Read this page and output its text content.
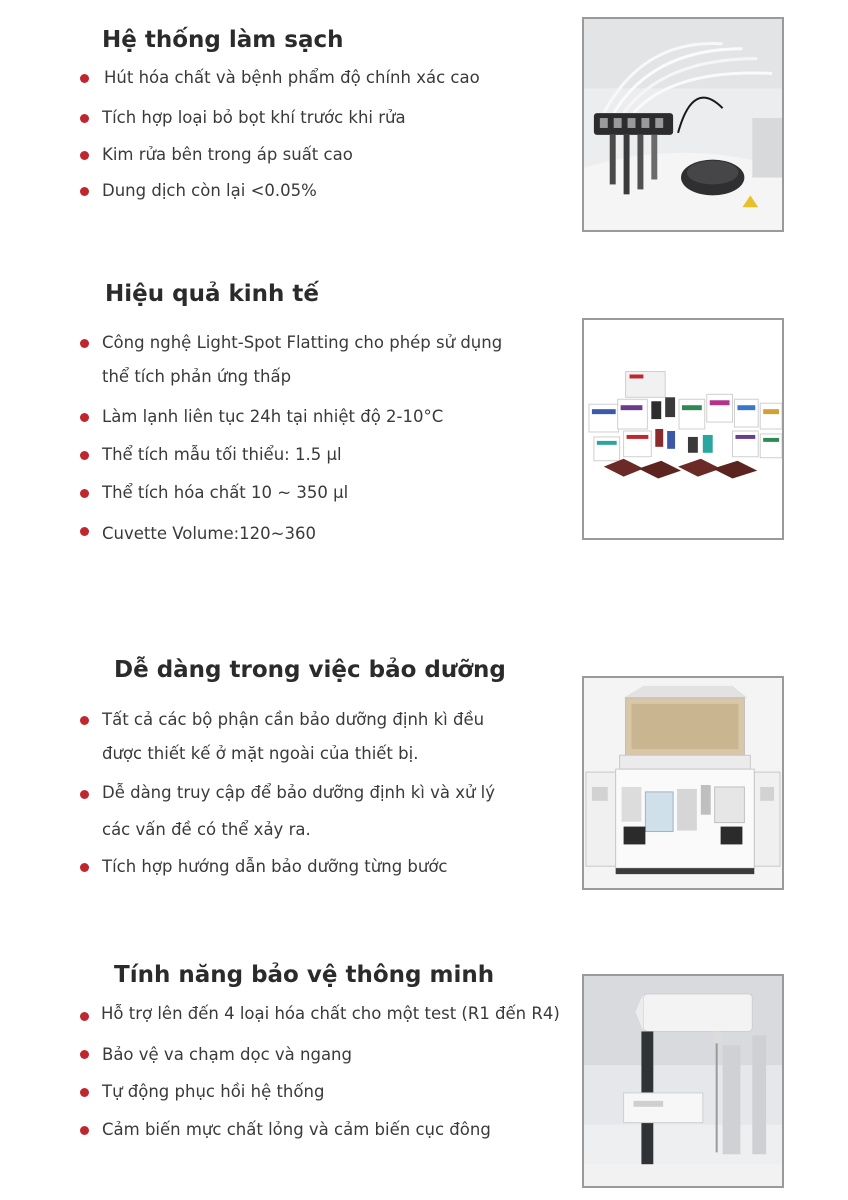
Hệ thống làm sạch

Hút hóa chất và bệnh phẩm độ chính xác cao

Tích hợp loại bỏ bọt khí trước khi rửa

Kim rửa bên trong áp suất cao

Dung dịch còn lại <0.05%

Hiệu quả kinh tế

Công nghệ Light-Spot Flatting cho phép sử dụng

thể tích phản ứng thấp

Làm lạnh liên tục 24h tại nhiệt độ 2-10°C

Thể tích mẫu tối thiểu: 1.5 μl

Thể tích hóa chất 10 ~ 350 μl

Cuvette Volume:120~360

Dễ dàng trong việc bảo dưỡng

Tất cả các bộ phận cần bảo dưỡng định kì đều

được thiết kế ở mặt ngoài của thiết bị.

Dễ dàng truy cập để bảo dưỡng định kì và xử lý

các vấn đề có thể xảy ra.

Tích hợp hướng dẫn bảo dưỡng từng bước

Tính năng bảo vệ thông minh

Hỗ trợ lên đến 4 loại hóa chất cho một test (R1 đến R4)

Bảo vệ va chạm dọc và ngang

Tự động phục hồi hệ thống

Cảm biến mực chất lỏng và cảm biến cục đông
